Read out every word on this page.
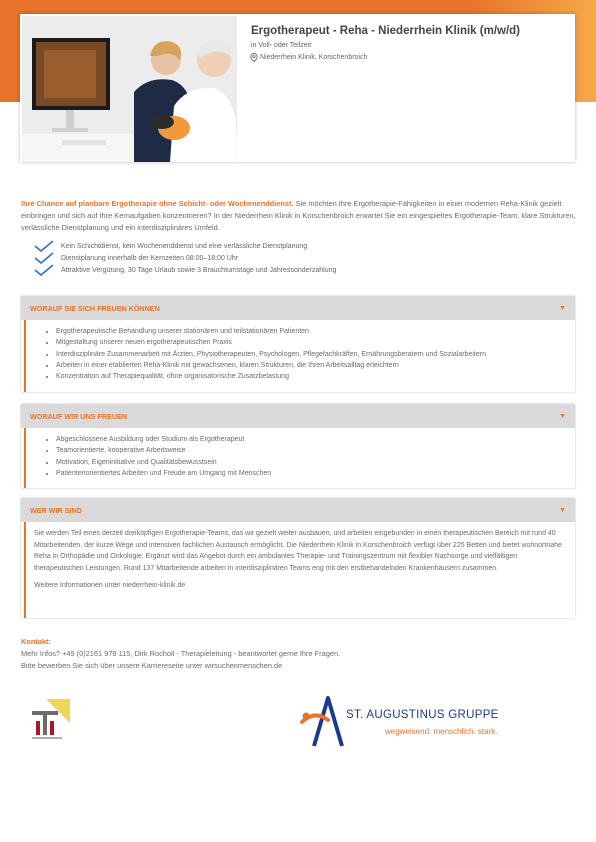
Ergotherapeut - Reha - Niederrhein Klinik (m/w/d)
in Voll- oder Teilzeit
Niederrhein Klinik, Korschenbroich
Ihre Chance auf planbare Ergotherapie ohne Schicht- oder Wochenenddienst. Sie möchten Ihre Ergotherapie-Fähigkeiten in einer modernen Reha-Klinik gezielt einbringen und sich auf Ihre Kernaufgaben konzentrieren? In der Niederrhein Klinik in Korschenbroich erwartet Sie ein eingespieltes Ergotherapie-Team, klare Strukturen, verlässliche Dienstplanung und ein interdisziplinäres Umfeld.
Kein Schichtdienst, kein Wochenenddienst und eine verlässliche Dienstplanung
Dienstplanung innerhalb der Kernzeiten 08:00–18:00 Uhr
Attraktive Vergütung, 30 Tage Urlaub sowie 3 Brauchtumstage und Jahressonderzahlung
WORAUF SIE SICH FREUEN KÖNNEN	▼
• Ergotherapeutische Behandlung unserer stationären und teilstationären Patienten
• Mitgestaltung unserer neuen ergotherapeutischen Praxis
• Interdisziplinäre Zusammenarbeit mit Ärzten, Physiotherapeuten, Psychologen, Pflegefachkräften, Ernährungsberatern und Sozialarbeitern
• Arbeiten in einer etablierten Reha-Klinik mit gewachsenen, klaren Strukturen, die Ihren Arbeitsalltag erleichtern
• Konzentration auf Therapiequalität, ohne organisatorische Zusatzbelastung
WORAUF WIR UNS FREUEN	▼
• Abgeschlossene Ausbildung oder Studium als Ergotherapeut
• Teamorientierte, kooperative Arbeitsweise
• Motivation, Eigeninitiative und Qualitätsbewusstsein
• Patientenorientiertes Arbeiten und Freude am Umgang mit Menschen
WER WIR SIND	▼

Sie werden Teil eines derzeit dreiköpfigen Ergotherapie-Teams, das wir gezielt weiter ausbauen, und arbeiten eingebunden in einen therapeutischen Bereich mit rund 40 Mitarbeitenden, der kurze Wege und intensiven fachlichen Austausch ermöglicht. Die Niederrhein Klinik in Korschenbroich verfügt über 225 Betten und bietet wohnortnahe Reha in Orthopädie und Onkologie. Ergänzt wird das Angebot durch ein ambulantes Therapie- und Trainingszentrum mit flexibler Nachsorge und vielfältigen therapeutischen Leistungen. Rund 137 Mitarbeitende arbeiten in interdisziplinären Teams eng mit den erstbehandelnden Krankenhäusern zusammen.

Weitere Informationen unter niederrhein-klinik.de

Kontakt:
Mehr Infos? +49 (0)2161 979 115, Dirk Rocholl - Therapieleitung - beantwortet gerne Ihre Fragen.
Bitte bewerben Sie sich über unsere Karriereseite unter wirsuchenmenschen.de
ST. AUGUSTINUS GRUPPE
wegweisend. menschlich. stark.
